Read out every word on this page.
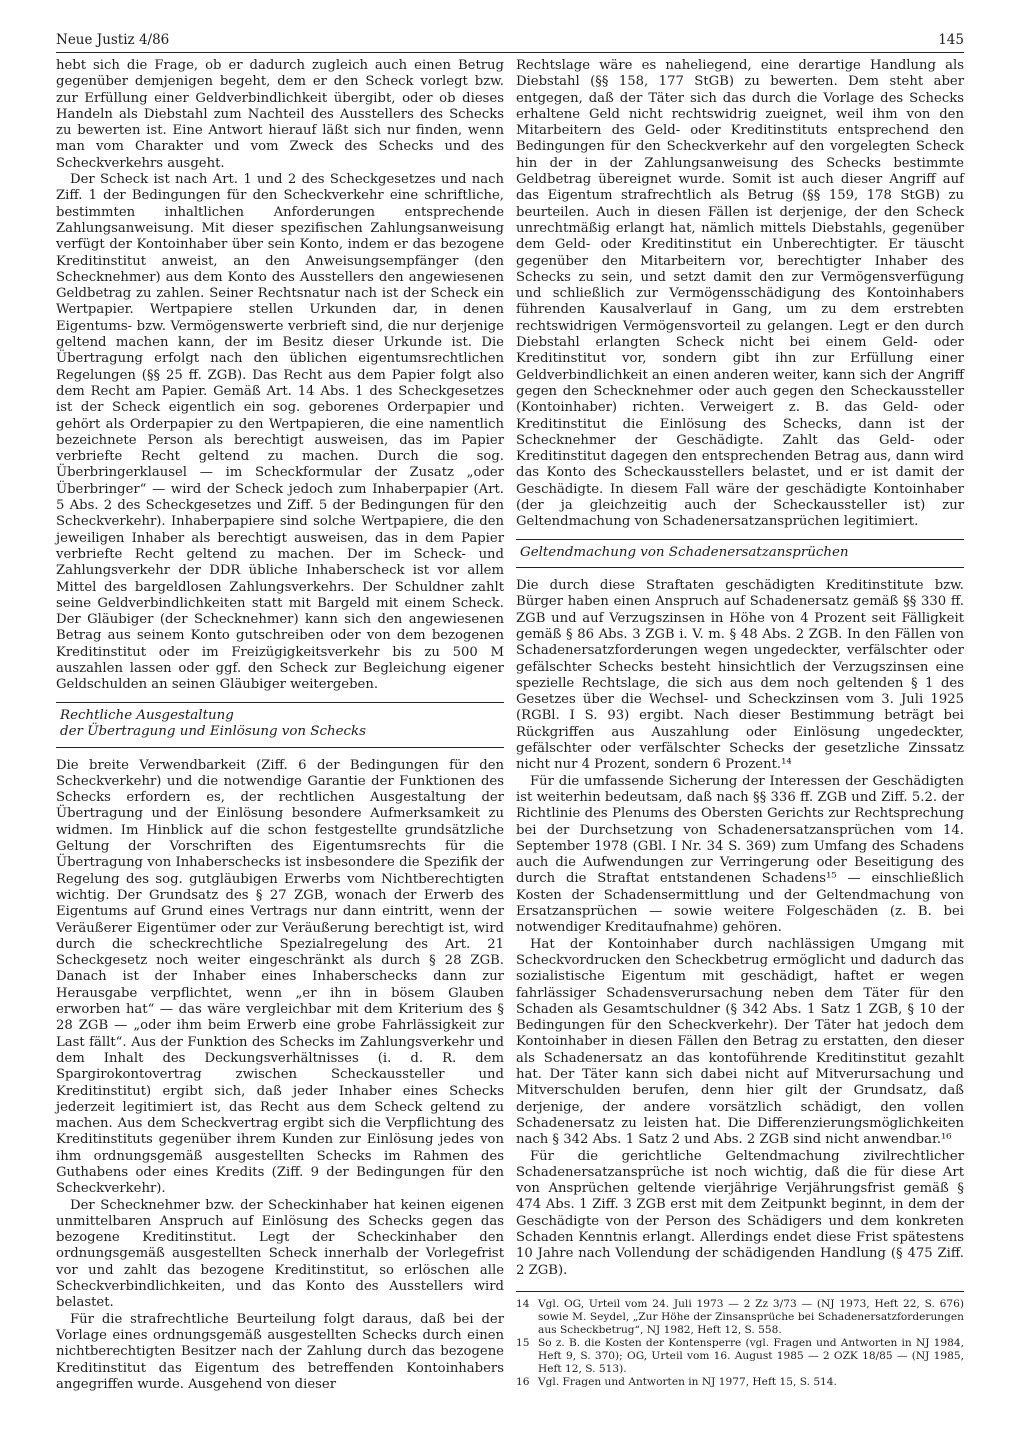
Neue Justiz 4/86	145

hebt sich die Frage, ob er dadurch zugleich auch einen Betrug gegenüber demjenigen begeht, dem er den Scheck vorlegt bzw. zur Erfüllung einer Geldverbindlichkeit übergibt, oder ob dieses Handeln als Diebstahl zum Nachteil des Ausstellers des Schecks zu bewerten ist. Eine Antwort hierauf läßt sich nur finden, wenn man vom Charakter und vom Zweck des Schecks und des Scheckverkehrs ausgeht.

Der Scheck ist nach Art. 1 und 2 des Scheckgesetzes und nach Ziff. 1 der Bedingungen für den Scheckverkehr eine schriftliche, bestimmten inhaltlichen Anforderungen entsprechende Zahlungsanweisung. Mit dieser spezifischen Zahlungsanweisung verfügt der Kontoinhaber über sein Konto, indem er das bezogene Kreditinstitut anweist, an den Anweisungsempfänger (den Schecknehmer) aus dem Konto des Ausstellers den angewiesenen Geldbetrag zu zahlen. Seiner Rechtsnatur nach ist der Scheck ein Wertpapier. Wertpapiere stellen Urkunden dar, in denen Eigentums- bzw. Vermögenswerte verbrieft sind, die nur derjenige geltend machen kann, der im Besitz dieser Urkunde ist. Die Übertragung erfolgt nach den üblichen eigentumsrechtlichen Regelungen (§§ 25 ff. ZGB). Das Recht aus dem Papier folgt also dem Recht am Papier. Gemäß Art. 14 Abs. 1 des Scheckgesetzes ist der Scheck eigentlich ein sog. geborenes Orderpapier und gehört als Orderpapier zu den Wertpapieren, die eine namentlich bezeichnete Person als berechtigt ausweisen, das im Papier verbriefte Recht geltend zu machen. Durch die sog. Überbringerklausel — im Scheckformular der Zusatz „oder Überbringer“ — wird der Scheck jedoch zum Inhaberpapier (Art. 5 Abs. 2 des Scheckgesetzes und Ziff. 5 der Bedingungen für den Scheckverkehr). Inhaberpapiere sind solche Wertpapiere, die den jeweiligen Inhaber als berechtigt ausweisen, das in dem Papier verbriefte Recht geltend zu machen. Der im Scheck- und Zahlungsverkehr der DDR übliche Inhaberscheck ist vor allem Mittel des bargeldlosen Zahlungsverkehrs. Der Schuldner zahlt seine Geldverbindlichkeiten statt mit Bargeld mit einem Scheck. Der Gläubiger (der Schecknehmer) kann sich den angewiesenen Betrag aus seinem Konto gutschreiben oder von dem bezogenen Kreditinstitut oder im Freizügigkeitsverkehr bis zu 500 M auszahlen lassen oder ggf. den Scheck zur Begleichung eigener Geldschulden an seinen Gläubiger weitergeben.

Rechtliche Ausgestaltung
der Übertragung und Einlösung von Schecks

Die breite Verwendbarkeit (Ziff. 6 der Bedingungen für den Scheckverkehr) und die notwendige Garantie der Funktionen des Schecks erfordern es, der rechtlichen Ausgestaltung der Übertragung und der Einlösung besondere Aufmerksamkeit zu widmen. Im Hinblick auf die schon festgestellte grundsätzliche Geltung der Vorschriften des Eigentumsrechts für die Übertragung von Inhaberschecks ist insbesondere die Spezifik der Regelung des sog. gutgläubigen Erwerbs vom Nichtberechtigten wichtig. Der Grundsatz des § 27 ZGB, wonach der Erwerb des Eigentums auf Grund eines Vertrags nur dann eintritt, wenn der Veräußerer Eigentümer oder zur Veräußerung berechtigt ist, wird durch die scheckrechtliche Spezialregelung des Art. 21 Scheckgesetz noch weiter eingeschränkt als durch § 28 ZGB. Danach ist der Inhaber eines Inhaberschecks dann zur Herausgabe verpflichtet, wenn „er ihn in bösem Glauben erworben hat“ — das wäre vergleichbar mit dem Kriterium des § 28 ZGB — „oder ihm beim Erwerb eine grobe Fahrlässigkeit zur Last fällt“. Aus der Funktion des Schecks im Zahlungsverkehr und dem Inhalt des Deckungsverhältnisses (i. d. R. dem Spargirokontovertrag zwischen Scheckaussteller und Kreditinstitut) ergibt sich, daß jeder Inhaber eines Schecks jederzeit legitimiert ist, das Recht aus dem Scheck geltend zu machen. Aus dem Scheckvertrag ergibt sich die Verpflichtung des Kreditinstituts gegenüber ihrem Kunden zur Einlösung jedes von ihm ordnungsgemäß ausgestellten Schecks im Rahmen des Guthabens oder eines Kredits (Ziff. 9 der Bedingungen für den Scheckverkehr).

Der Schecknehmer bzw. der Scheckinhaber hat keinen eigenen unmittelbaren Anspruch auf Einlösung des Schecks gegen das bezogene Kreditinstitut. Legt der Scheckinhaber den ordnungsgemäß ausgestellten Scheck innerhalb der Vorlegefrist vor und zahlt das bezogene Kreditinstitut, so erlöschen alle Scheckverbindlichkeiten, und das Konto des Ausstellers wird belastet.

Für die strafrechtliche Beurteilung folgt daraus, daß bei der Vorlage eines ordnungsgemäß ausgestellten Schecks durch einen nichtberechtigten Besitzer nach der Zahlung durch das bezogene Kreditinstitut das Eigentum des betreffenden Kontoinhabers angegriffen wurde. Ausgehend von dieser

Rechtslage wäre es naheliegend, eine derartige Handlung als Diebstahl (§§ 158, 177 StGB) zu bewerten. Dem steht aber entgegen, daß der Täter sich das durch die Vorlage des Schecks erhaltene Geld nicht rechtswidrig zueignet, weil ihm von den Mitarbeitern des Geld- oder Kreditinstituts entsprechend den Bedingungen für den Scheckverkehr auf den vorgelegten Scheck hin der in der Zahlungsanweisung des Schecks bestimmte Geldbetrag übereignet wurde. Somit ist auch dieser Angriff auf das Eigentum strafrechtlich als Betrug (§§ 159, 178 StGB) zu beurteilen. Auch in diesen Fällen ist derjenige, der den Scheck unrechtmäßig erlangt hat, nämlich mittels Diebstahls, gegenüber dem Geld- oder Kreditinstitut ein Unberechtigter. Er täuscht gegenüber den Mitarbeitern vor, berechtigter Inhaber des Schecks zu sein, und setzt damit den zur Vermögensverfügung und schließlich zur Vermögensschädigung des Kontoinhabers führenden Kausalverlauf in Gang, um zu dem erstrebten rechtswidrigen Vermögensvorteil zu gelangen. Legt er den durch Diebstahl erlangten Scheck nicht bei einem Geld- oder Kreditinstitut vor, sondern gibt ihn zur Erfüllung einer Geldverbindlichkeit an einen anderen weiter, kann sich der Angriff gegen den Schecknehmer oder auch gegen den Scheckaussteller (Kontoinhaber) richten. Verweigert z. B. das Geld- oder Kreditinstitut die Einlösung des Schecks, dann ist der Schecknehmer der Geschädigte. Zahlt das Geld- oder Kreditinstitut dagegen den entsprechenden Betrag aus, dann wird das Konto des Scheckausstellers belastet, und er ist damit der Geschädigte. In diesem Fall wäre der geschädigte Kontoinhaber (der ja gleichzeitig auch der Scheckaussteller ist) zur Geltendmachung von Schadenersatzansprüchen legitimiert.

Geltendmachung von Schadenersatzansprüchen

Die durch diese Straftaten geschädigten Kreditinstitute bzw. Bürger haben einen Anspruch auf Schadenersatz gemäß §§ 330 ff. ZGB und auf Verzugszinsen in Höhe von 4 Prozent seit Fälligkeit gemäß § 86 Abs. 3 ZGB i. V. m. § 48 Abs. 2 ZGB. In den Fällen von Schadenersatzforderungen wegen ungedeckter, verfälschter oder gefälschter Schecks besteht hinsichtlich der Verzugszinsen eine spezielle Rechtslage, die sich aus dem noch geltenden § 1 des Gesetzes über die Wechsel- und Scheckzinsen vom 3. Juli 1925 (RGBl. I S. 93) ergibt. Nach dieser Bestimmung beträgt bei Rückgriffen aus Auszahlung oder Einlösung ungedeckter, gefälschter oder verfälschter Schecks der gesetzliche Zinssatz nicht nur 4 Prozent, sondern 6 Prozent.¹⁴

Für die umfassende Sicherung der Interessen der Geschädigten ist weiterhin bedeutsam, daß nach §§ 336 ff. ZGB und Ziff. 5.2. der Richtlinie des Plenums des Obersten Gerichts zur Rechtsprechung bei der Durchsetzung von Schadenersatzansprüchen vom 14. September 1978 (GBl. I Nr. 34 S. 369) zum Umfang des Schadens auch die Aufwendungen zur Verringerung oder Beseitigung des durch die Straftat entstandenen Schadens¹⁵ — einschließlich Kosten der Schadensermittlung und der Geltendmachung von Ersatzansprüchen — sowie weitere Folgeschäden (z. B. bei notwendiger Kreditaufnahme) gehören.

Hat der Kontoinhaber durch nachlässigen Umgang mit Scheckvordrucken den Scheckbetrug ermöglicht und dadurch das sozialistische Eigentum mit geschädigt, haftet er wegen fahrlässiger Schadensverursachung neben dem Täter für den Schaden als Gesamtschuldner (§ 342 Abs. 1 Satz 1 ZGB, § 10 der Bedingungen für den Scheckverkehr). Der Täter hat jedoch dem Kontoinhaber in diesen Fällen den Betrag zu erstatten, den dieser als Schadenersatz an das kontoführende Kreditinstitut gezahlt hat. Der Täter kann sich dabei nicht auf Mitverursachung und Mitverschulden berufen, denn hier gilt der Grundsatz, daß derjenige, der andere vorsätzlich schädigt, den vollen Schadenersatz zu leisten hat. Die Differenzierungsmöglichkeiten nach § 342 Abs. 1 Satz 2 und Abs. 2 ZGB sind nicht anwendbar.¹⁶

Für die gerichtliche Geltendmachung zivilrechtlicher Schadenersatzansprüche ist noch wichtig, daß die für diese Art von Ansprüchen geltende vierjährige Verjährungsfrist gemäß § 474 Abs. 1 Ziff. 3 ZGB erst mit dem Zeitpunkt beginnt, in dem der Geschädigte von der Person des Schädigers und dem konkreten Schaden Kenntnis erlangt. Allerdings endet diese Frist spätestens 10 Jahre nach Vollendung der schädigenden Handlung (§ 475 Ziff. 2 ZGB).

14 Vgl. OG, Urteil vom 24. Juli 1973 — 2 Zz 3/73 — (NJ 1973, Heft 22, S. 676) sowie M. Seydel, „Zur Höhe der Zinsansprüche bei Schadenersatzforderungen aus Scheckbetrug“, NJ 1982, Heft 12, S. 558.
15 So z. B. die Kosten der Kontensperre (vgl. Fragen und Antworten in NJ 1984, Heft 9, S. 370); OG, Urteil vom 16. August 1985 — 2 OZK 18/85 — (NJ 1985, Heft 12, S. 513).
16 Vgl. Fragen und Antworten in NJ 1977, Heft 15, S. 514.
